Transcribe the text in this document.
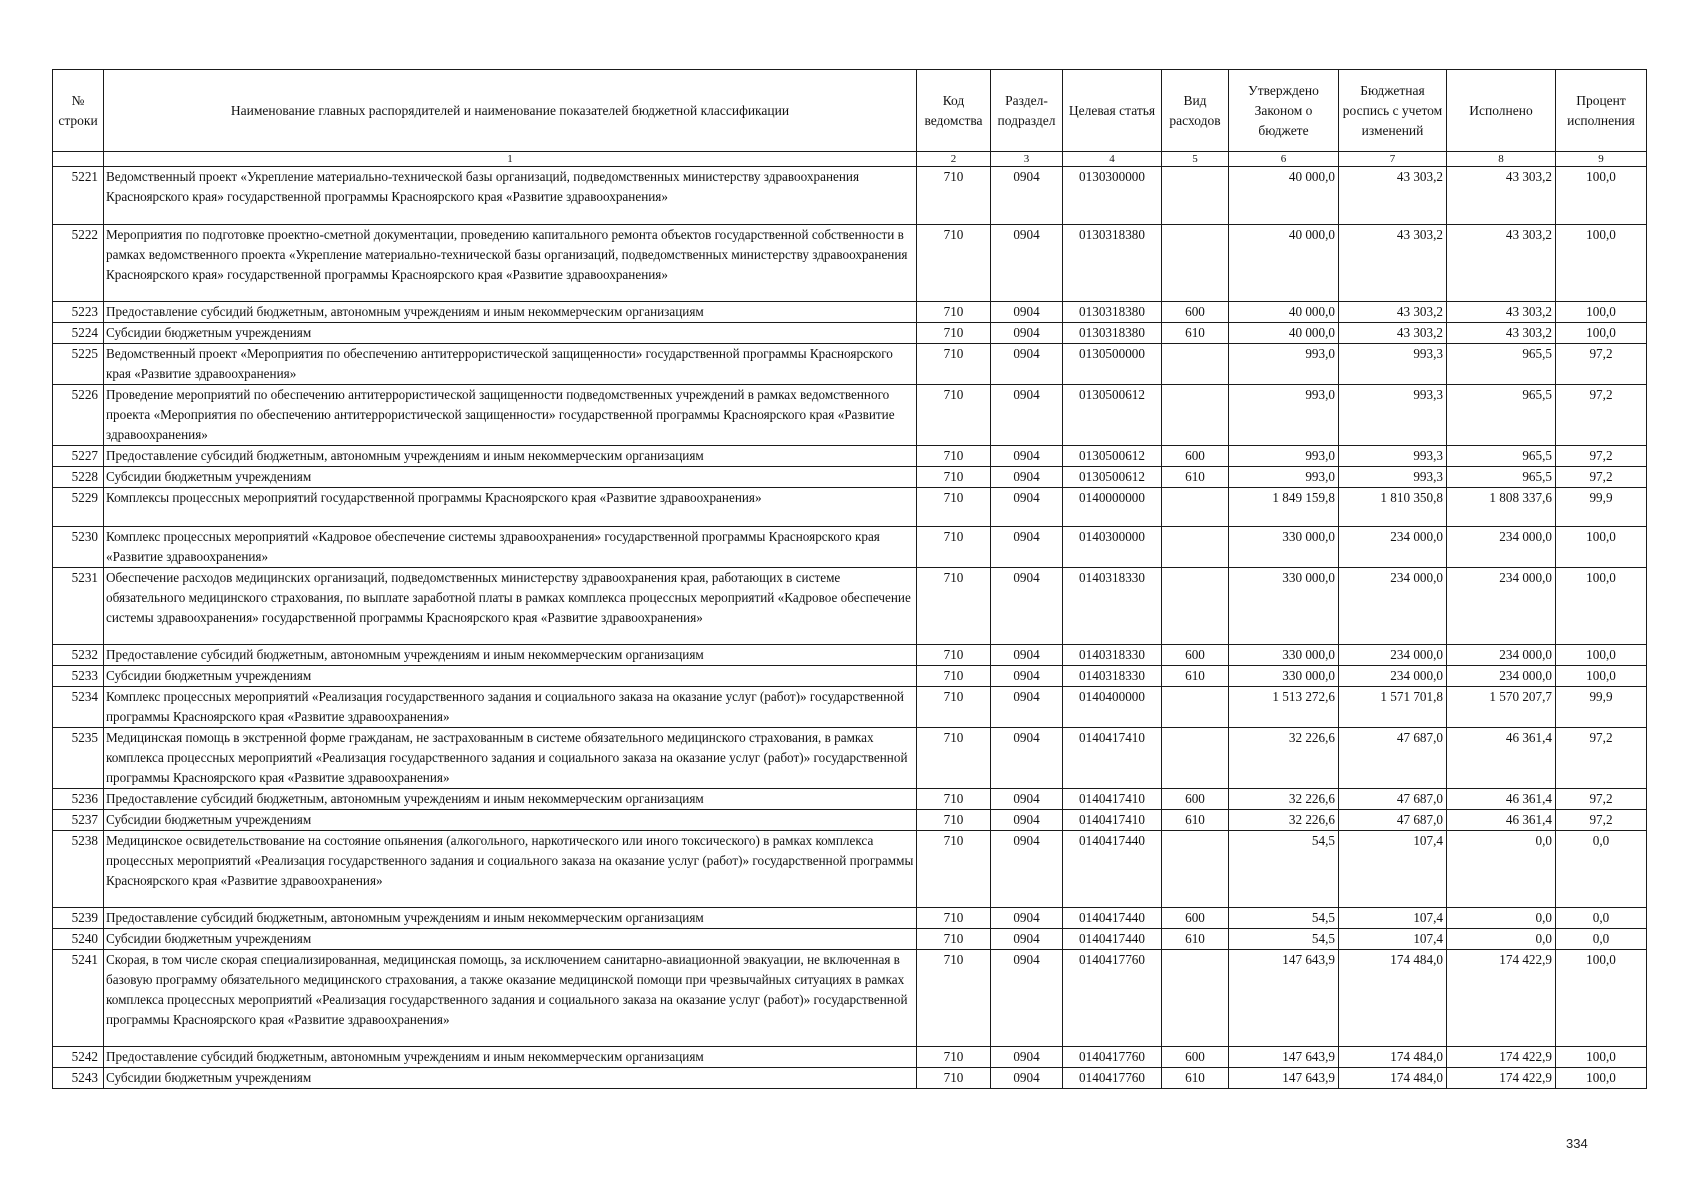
№ строки	Наименование главных распорядителей и наименование показателей бюджетной классификации	Код ведомства	Раздел-подраздел	Целевая статья	Вид расходов	Утверждено Законом о бюджете	Бюджетная роспись с учетом изменений	Исполнено	Процент исполнения
	1	2	3	4	5	6	7	8	9
5221	Ведомственный проект «Укрепление материально-технической базы организаций, подведомственных министерству здравоохранения Красноярского края» государственной программы Красноярского края «Развитие здравоохранения»	710	0904	0130300000		40 000,0	43 303,2	43 303,2	100,0
5222	Мероприятия по подготовке проектно-сметной документации, проведению капитального ремонта объектов государственной собственности в рамках ведомственного проекта «Укрепление материально-технической базы организаций, подведомственных министерству здравоохранения Красноярского края» государственной программы Красноярского края «Развитие здравоохранения»	710	0904	0130318380		40 000,0	43 303,2	43 303,2	100,0
5223	Предоставление субсидий бюджетным, автономным учреждениям и иным некоммерческим организациям	710	0904	0130318380	600	40 000,0	43 303,2	43 303,2	100,0
5224	Субсидии бюджетным учреждениям	710	0904	0130318380	610	40 000,0	43 303,2	43 303,2	100,0
5225	Ведомственный проект «Мероприятия по обеспечению антитеррористической защищенности» государственной программы Красноярского края «Развитие здравоохранения»	710	0904	0130500000		993,0	993,3	965,5	97,2
5226	Проведение мероприятий по обеспечению антитеррористической защищенности подведомственных учреждений в рамках ведомственного проекта «Мероприятия по обеспечению антитеррористической защищенности» государственной программы Красноярского края «Развитие здравоохранения»	710	0904	0130500612		993,0	993,3	965,5	97,2
5227	Предоставление субсидий бюджетным, автономным учреждениям и иным некоммерческим организациям	710	0904	0130500612	600	993,0	993,3	965,5	97,2
5228	Субсидии бюджетным учреждениям	710	0904	0130500612	610	993,0	993,3	965,5	97,2
5229	Комплексы процессных мероприятий государственной программы Красноярского края «Развитие здравоохранения»	710	0904	0140000000		1 849 159,8	1 810 350,8	1 808 337,6	99,9
5230	Комплекс процессных мероприятий «Кадровое обеспечение системы здравоохранения» государственной программы Красноярского края «Развитие здравоохранения»	710	0904	0140300000		330 000,0	234 000,0	234 000,0	100,0
5231	Обеспечение расходов медицинских организаций, подведомственных министерству здравоохранения края, работающих в системе обязательного медицинского страхования, по выплате заработной платы в рамках комплекса процессных мероприятий «Кадровое обеспечение системы здравоохранения» государственной программы Красноярского края «Развитие здравоохранения»	710	0904	0140318330		330 000,0	234 000,0	234 000,0	100,0
5232	Предоставление субсидий бюджетным, автономным учреждениям и иным некоммерческим организациям	710	0904	0140318330	600	330 000,0	234 000,0	234 000,0	100,0
5233	Субсидии бюджетным учреждениям	710	0904	0140318330	610	330 000,0	234 000,0	234 000,0	100,0
5234	Комплекс процессных мероприятий «Реализация государственного задания и социального заказа на оказание услуг (работ)» государственной программы Красноярского края «Развитие здравоохранения»	710	0904	0140400000		1 513 272,6	1 571 701,8	1 570 207,7	99,9
5235	Медицинская помощь в экстренной форме гражданам, не застрахованным в системе обязательного медицинского страхования, в рамках комплекса процессных мероприятий «Реализация государственного задания и социального заказа на оказание услуг (работ)» государственной программы Красноярского края «Развитие здравоохранения»	710	0904	0140417410		32 226,6	47 687,0	46 361,4	97,2
5236	Предоставление субсидий бюджетным, автономным учреждениям и иным некоммерческим организациям	710	0904	0140417410	600	32 226,6	47 687,0	46 361,4	97,2
5237	Субсидии бюджетным учреждениям	710	0904	0140417410	610	32 226,6	47 687,0	46 361,4	97,2
5238	Медицинское освидетельствование на состояние опьянения (алкогольного, наркотического или иного токсического) в рамках комплекса процессных мероприятий «Реализация государственного задания и социального заказа на оказание услуг (работ)» государственной программы Красноярского края «Развитие здравоохранения»	710	0904	0140417440		54,5	107,4	0,0	0,0
5239	Предоставление субсидий бюджетным, автономным учреждениям и иным некоммерческим организациям	710	0904	0140417440	600	54,5	107,4	0,0	0,0
5240	Субсидии бюджетным учреждениям	710	0904	0140417440	610	54,5	107,4	0,0	0,0
5241	Скорая, в том числе скорая специализированная, медицинская помощь, за исключением санитарно-авиационной эвакуации, не включенная в базовую программу обязательного медицинского страхования, а также оказание медицинской помощи при чрезвычайных ситуациях в рамках комплекса процессных мероприятий «Реализация государственного задания и социального заказа на оказание услуг (работ)» государственной программы Красноярского края «Развитие здравоохранения»	710	0904	0140417760		147 643,9	174 484,0	174 422,9	100,0
5242	Предоставление субсидий бюджетным, автономным учреждениям и иным некоммерческим организациям	710	0904	0140417760	600	147 643,9	174 484,0	174 422,9	100,0
5243	Субсидии бюджетным учреждениям	710	0904	0140417760	610	147 643,9	174 484,0	174 422,9	100,0
334
